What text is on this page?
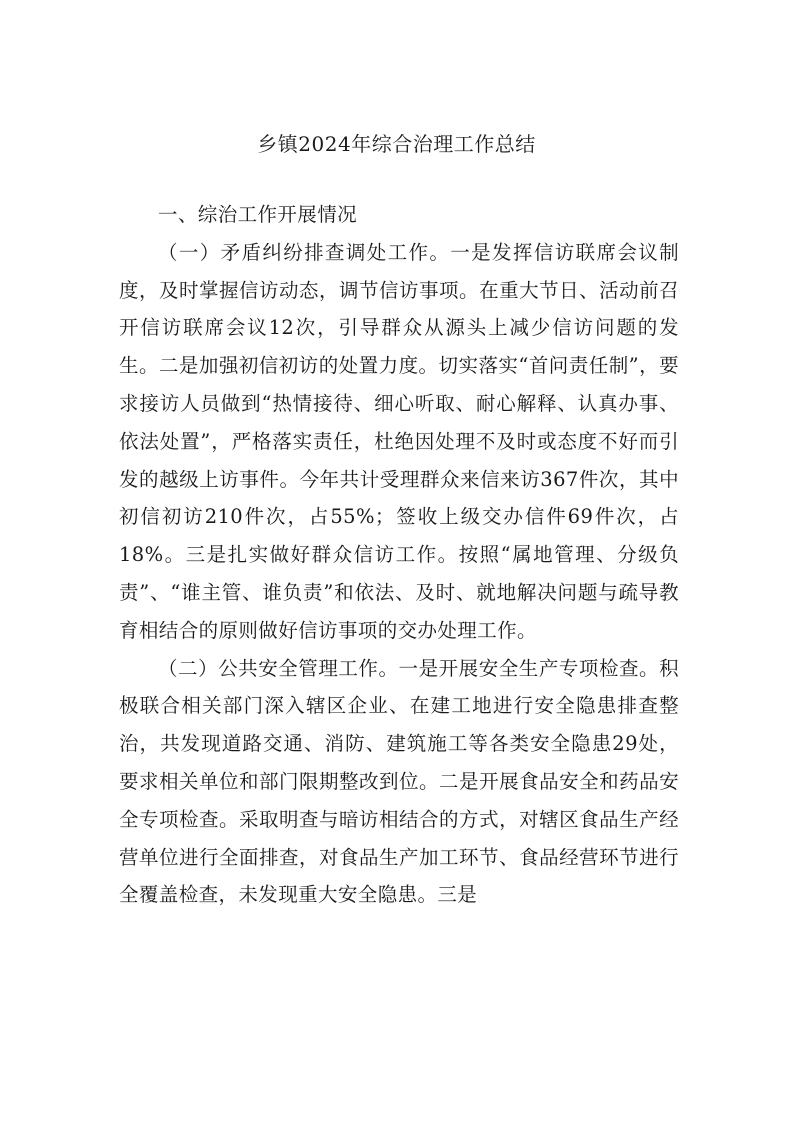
乡镇2024年综合治理工作总结

一、综治工作开展情况

（一）矛盾纠纷排查调处工作。一是发挥信访联席会议制度，及时掌握信访动态，调节信访事项。在重大节日、活动前召开信访联席会议12次，引导群众从源头上减少信访问题的发生。二是加强初信初访的处置力度。切实落实“首问责任制”，要求接访人员做到“热情接待、细心听取、耐心解释、认真办事、依法处置”，严格落实责任，杜绝因处理不及时或态度不好而引发的越级上访事件。今年共计受理群众来信来访367件次，其中初信初访210件次，占55%；签收上级交办信件69件次，占18%。三是扎实做好群众信访工作。按照“属地管理、分级负责”、“谁主管、谁负责”和依法、及时、就地解决问题与疏导教育相结合的原则做好信访事项的交办处理工作。

（二）公共安全管理工作。一是开展安全生产专项检查。积极联合相关部门深入辖区企业、在建工地进行安全隐患排查整治，共发现道路交通、消防、建筑施工等各类安全隐患29处，要求相关单位和部门限期整改到位。二是开展食品安全和药品安全专项检查。采取明查与暗访相结合的方式，对辖区食品生产经营单位进行全面排查，对食品生产加工环节、食品经营环节进行全覆盖检查，未发现重大安全隐患。三是
